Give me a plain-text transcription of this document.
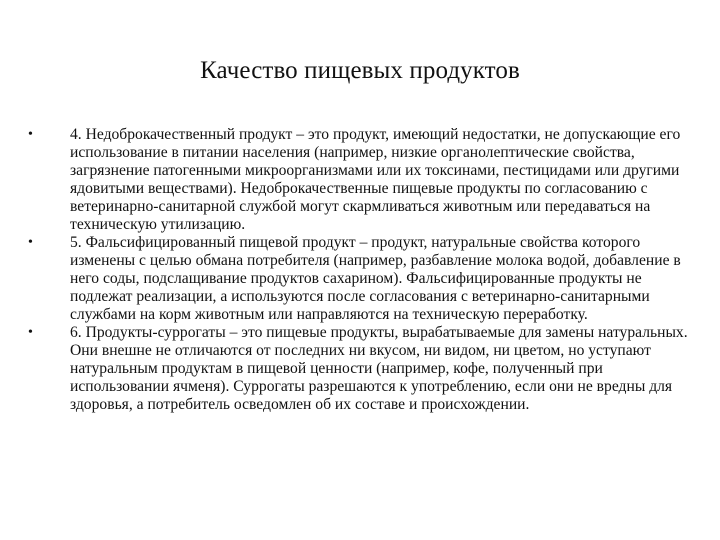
Качество пищевых продуктов
• 4. Недоброкачественный продукт – это продукт, имеющий недостатки, не допускающие его использование в питании населения (например, низкие органолептические свойства, загрязнение патогенными микроорганизмами или их токсинами, пестицидами или другими ядовитыми веществами). Недоброкачественные пищевые продукты по согласованию с ветеринарно-санитарной службой могут скармливаться животным или передаваться на техническую утилизацию.
• 5. Фальсифицированный пищевой продукт – продукт, натуральные свойства которого изменены с целью обмана потребителя (например, разбавление молока водой, добавление в него соды, подслащивание продуктов сахарином). Фальсифицированные продукты не подлежат реализации, а используются после согласования с ветеринарно-санитарными службами на корм животным или направляются на техническую переработку.
• 6. Продукты-суррогаты – это пищевые продукты, вырабатываемые для замены натуральных. Они внешне не отличаются от последних ни вкусом, ни видом, ни цветом, но уступают натуральным продуктам в пищевой ценности (например, кофе, полученный при использовании ячменя). Суррогаты разрешаются к употреблению, если они не вредны для здоровья, а потребитель осведомлен об их составе и происхождении.
